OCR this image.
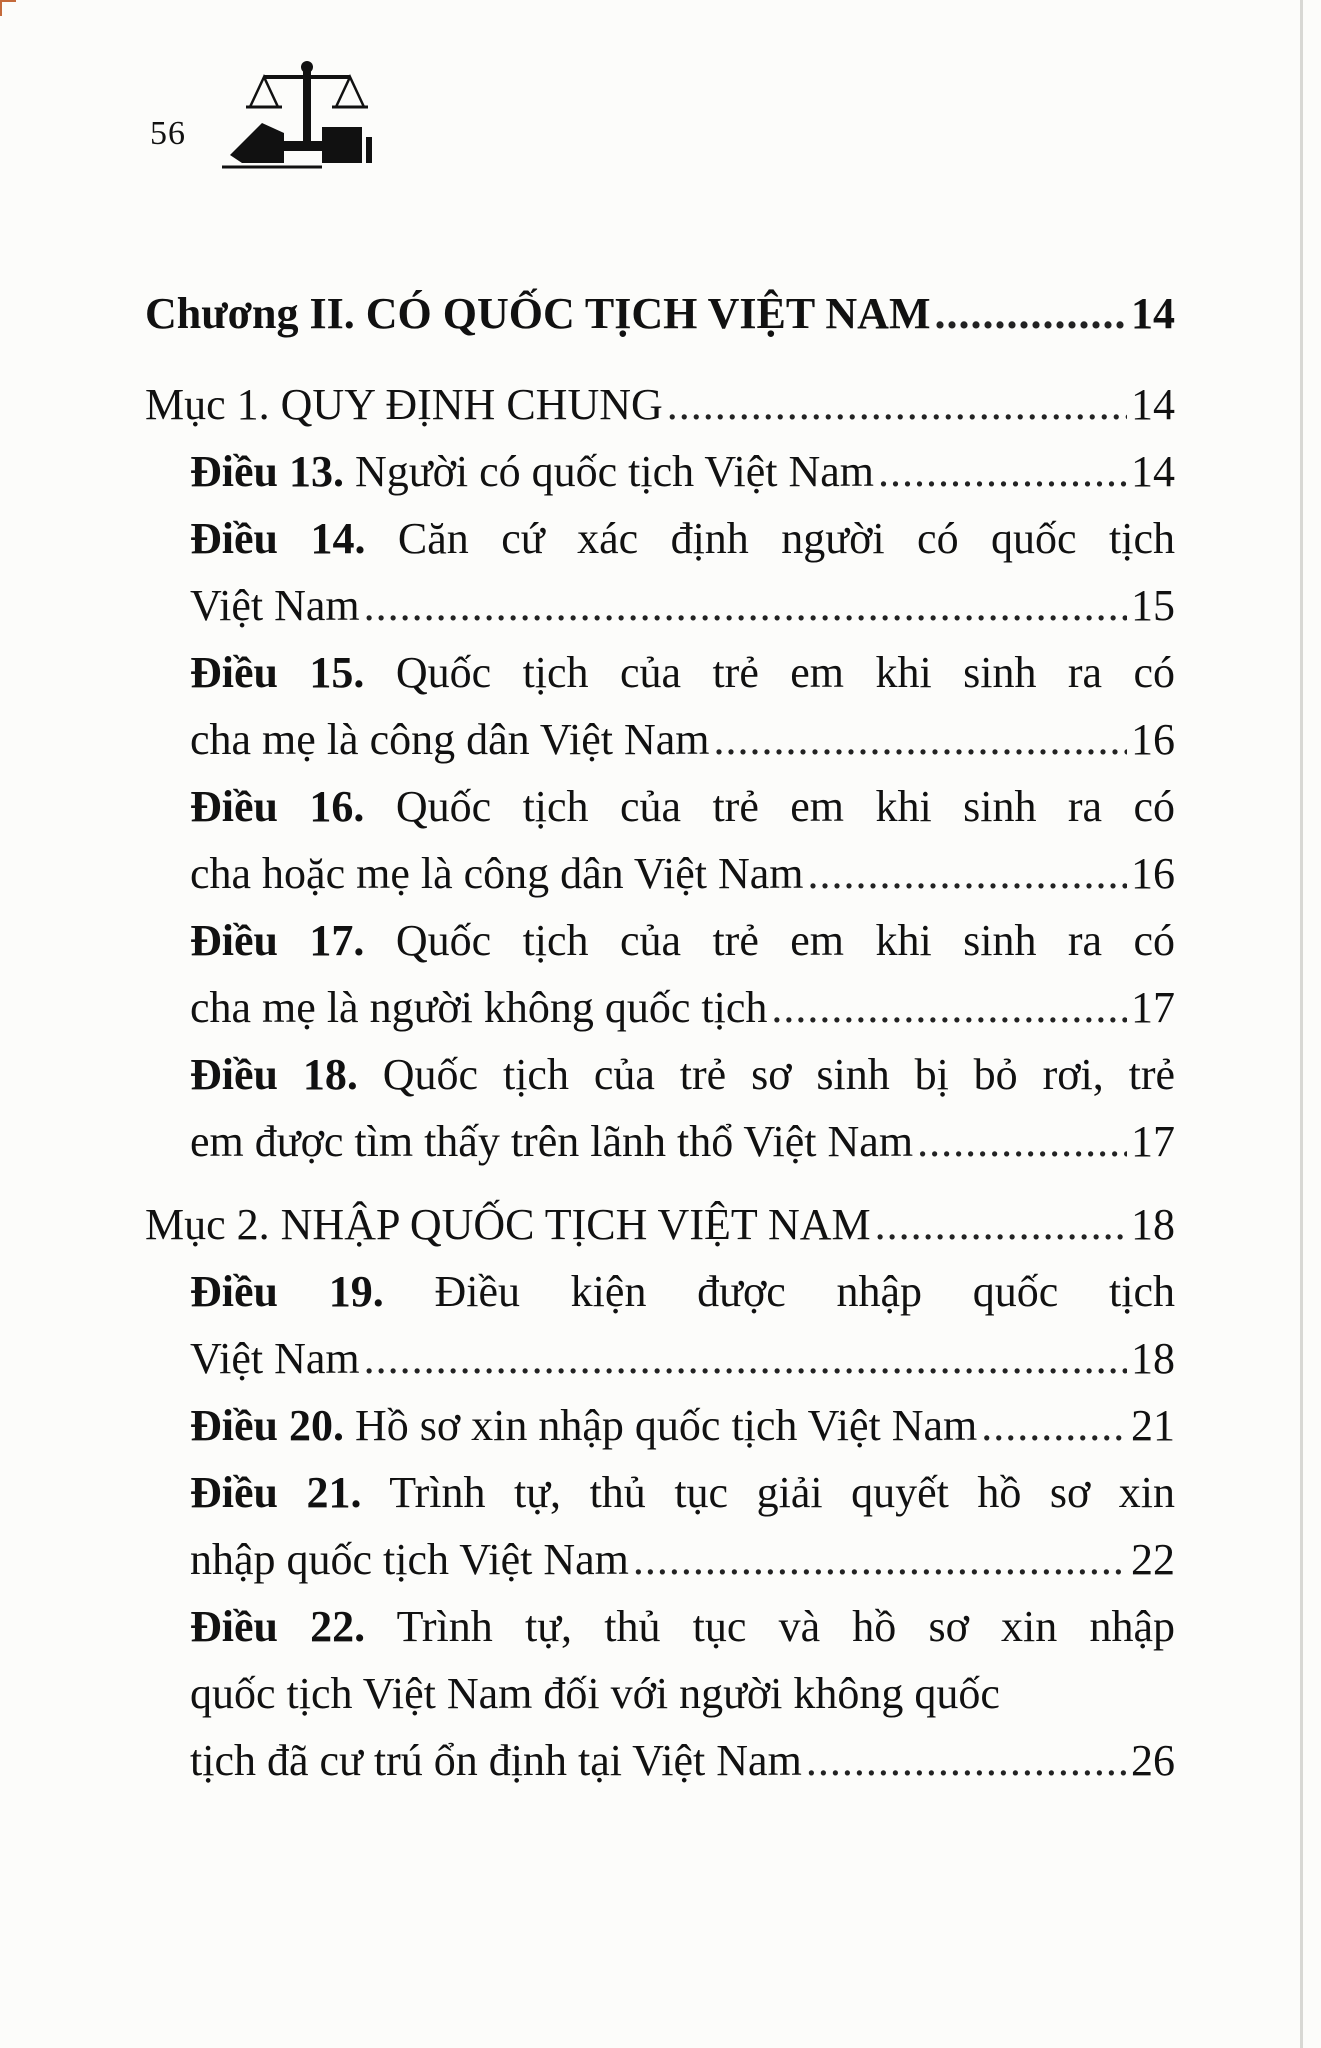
56
Chương II. CÓ QUỐC TỊCH VIỆT NAM .....	14
Mục 1. QUY ĐỊNH CHUNG .....	14
Điều 13.
Người có quốc tịch Việt Nam .....	14
Điều 14. Căn cứ xác định người có quốc tịch
Việt Nam .....	15
Điều 15. Quốc tịch của trẻ em khi sinh ra có
cha mẹ là công dân Việt Nam .....	16
Điều 16. Quốc tịch của trẻ em khi sinh ra có
cha hoặc mẹ là công dân Việt Nam .....	16
Điều 17. Quốc tịch của trẻ em khi sinh ra có
cha mẹ là người không quốc tịch .....	17
Điều 18. Quốc tịch của trẻ sơ sinh bị bỏ rơi, trẻ
em được tìm thấy trên lãnh thổ Việt Nam .....	17
Mục 2. NHẬP QUỐC TỊCH VIỆT NAM .....	18
Điều 19. Điều kiện được nhập quốc tịch
Việt Nam .....	18
Điều 20.
Hồ sơ xin nhập quốc tịch Việt Nam .....	21
Điều 21. Trình tự, thủ tục giải quyết hồ sơ xin
nhập quốc tịch Việt Nam .....	22
Điều 22. Trình tự, thủ tục và hồ sơ xin nhập
quốc tịch Việt Nam đối với người không quốc
tịch đã cư trú ổn định tại Việt Nam .....	26
